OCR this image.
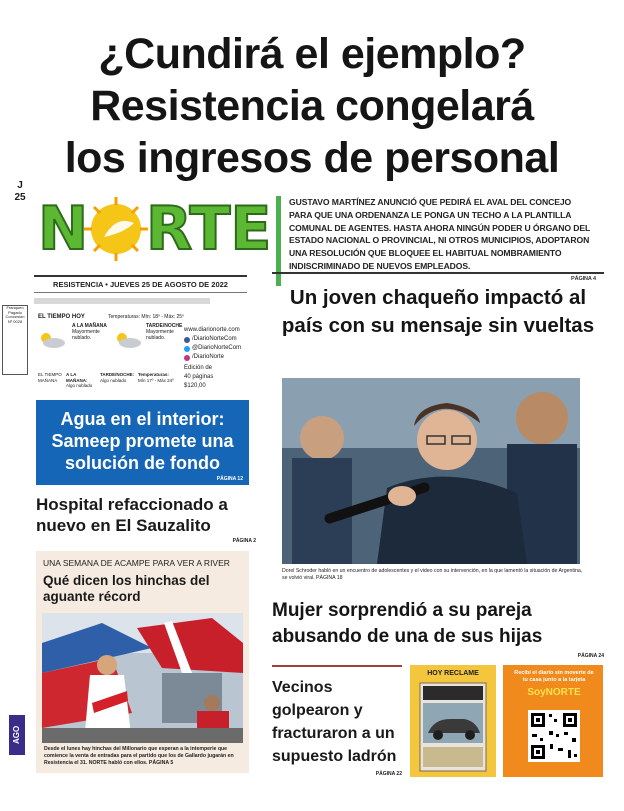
¿Cundirá el ejemplo?
Resistencia congelará
los ingresos de personal
J
25 N RTE GUSTAVO MARTÍNEZ ANUNCIÓ QUE PEDIRÁ EL AVAL DEL CONCEJO PARA QUE UNA ORDENANZA LE PONGA UN TECHO A LA PLANTILLA COMUNAL DE AGENTES. HASTA AHORA NINGÚN PODER U ÓRGANO DEL ESTADO NACIONAL O PROVINCIAL, NI OTROS MUNICIPIOS, ADOPTARON UNA RESOLUCIÓN QUE BLOQUEE EL HABITUAL NOMBRAMIENTO INDISCRIMINADO DE NUEVOS EMPLEADOS.
PÁGINA 4
RESISTENCIA • JUEVES 25 DE AGOSTO DE 2022
Franqueo Pagado Concesión Nº 0028
EL TIEMPO HOY	Temperaturas: Mín: 18º - Máx: 25º
A LA MAÑANA
Mayormente nublado.
TARDE/NOCHE
Mayormente nublado.
EL TIEMPO MAÑANA
A LA MAÑANA:
Algo nublado
TARDE/NOCHE:
Algo nublado
Temperaturas:
Mín 17º - Máx 24º
www.diarionorte.com
/DiarioNorteCom
@DiarioNorteCom
/DiarioNorte
Edición de
40 páginas
$120,00
Agua en el interior: Sameep promete una solución de fondo
PÁGINA 12
Hospital refaccionado a nuevo en El Sauzalito
PÁGINA 2
UNA SEMANA DE ACAMPE PARA VER A RIVER
Qué dicen los hinchas del aguante récord
Desde el lunes hay hinchas del Millonario que esperan a la intemperie que comience la venta de entradas para el partido que los de Gallardo jugarán en Resistencia el 31. NORTE habló con ellos. PÁGINA 5
AGO
Un joven chaqueño impactó al país con su mensaje sin vueltas
Dorel Schroder habló en un encuentro de adolescentes y el video con su intervención, en la que lamentó la situación de Argentina, se volvió viral. PÁGINA 18
Mujer sorprendió a su pareja abusando de una de sus hijas
PÁGINA 24
Vecinos golpearon y fracturaron a un supuesto ladrón
PÁGINA 22
HOY RECLAME	Recibí el diario sin moverte de tu casa junto a la tarjeta
SoyNORTE
